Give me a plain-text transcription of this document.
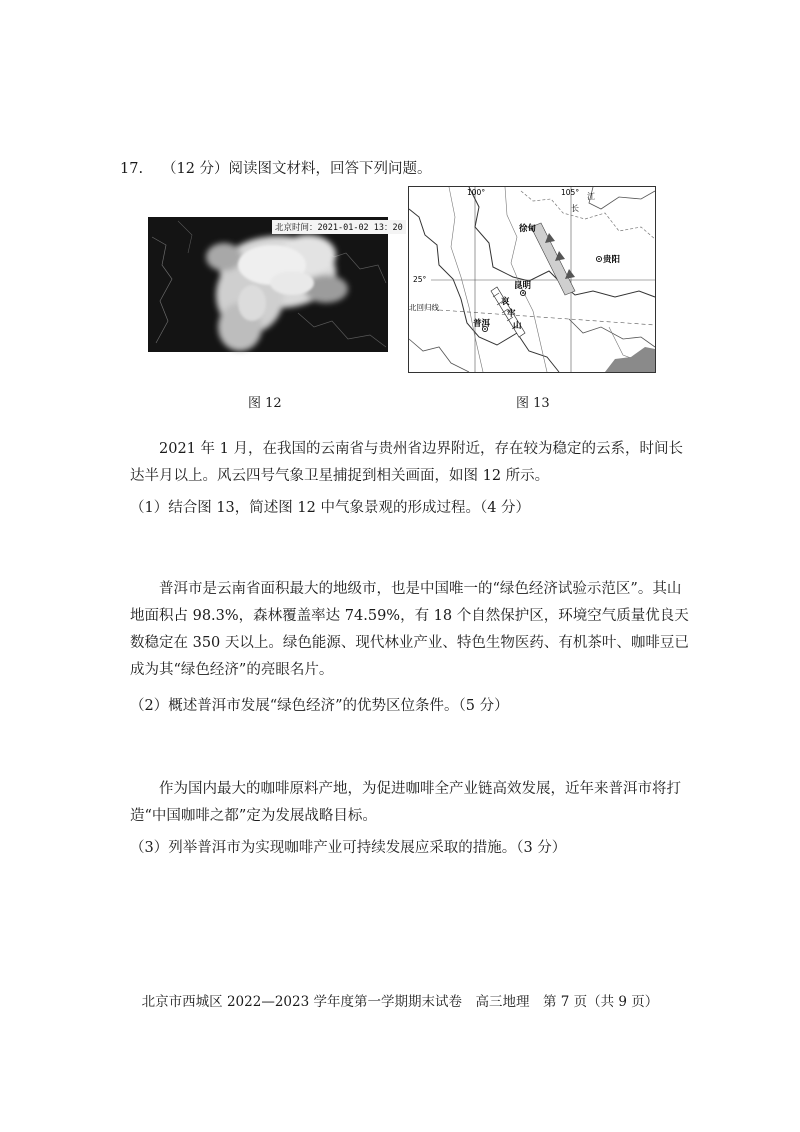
17. （12 分）阅读图文材料，回答下列问题。
北京时间：2021-01-02 13：20
100°	105°
25°
北回归线
江
长
徐甸
贵阳
昆明
普洱
哀
牢
山
图 12	图 13
2021 年 1 月，在我国的云南省与贵州省边界附近，存在较为稳定的云系，时间长达半月以上。风云四号气象卫星捕捉到相关画面，如图 12 所示。
（1）结合图 13，简述图 12 中气象景观的形成过程。（4 分）
普洱市是云南省面积最大的地级市，也是中国唯一的“绿色经济试验示范区”。其山地面积占 98.3%，森林覆盖率达 74.59%，有 18 个自然保护区，环境空气质量优良天数稳定在 350 天以上。绿色能源、现代林业产业、特色生物医药、有机茶叶、咖啡豆已成为其“绿色经济”的亮眼名片。
（2）概述普洱市发展“绿色经济”的优势区位条件。（5 分）
作为国内最大的咖啡原料产地，为促进咖啡全产业链高效发展，近年来普洱市将打造“中国咖啡之都”定为发展战略目标。
（3）列举普洱市为实现咖啡产业可持续发展应采取的措施。（3 分）
北京市西城区 2022—2023 学年度第一学期期末试卷　高三地理　第 7 页（共 9 页）
